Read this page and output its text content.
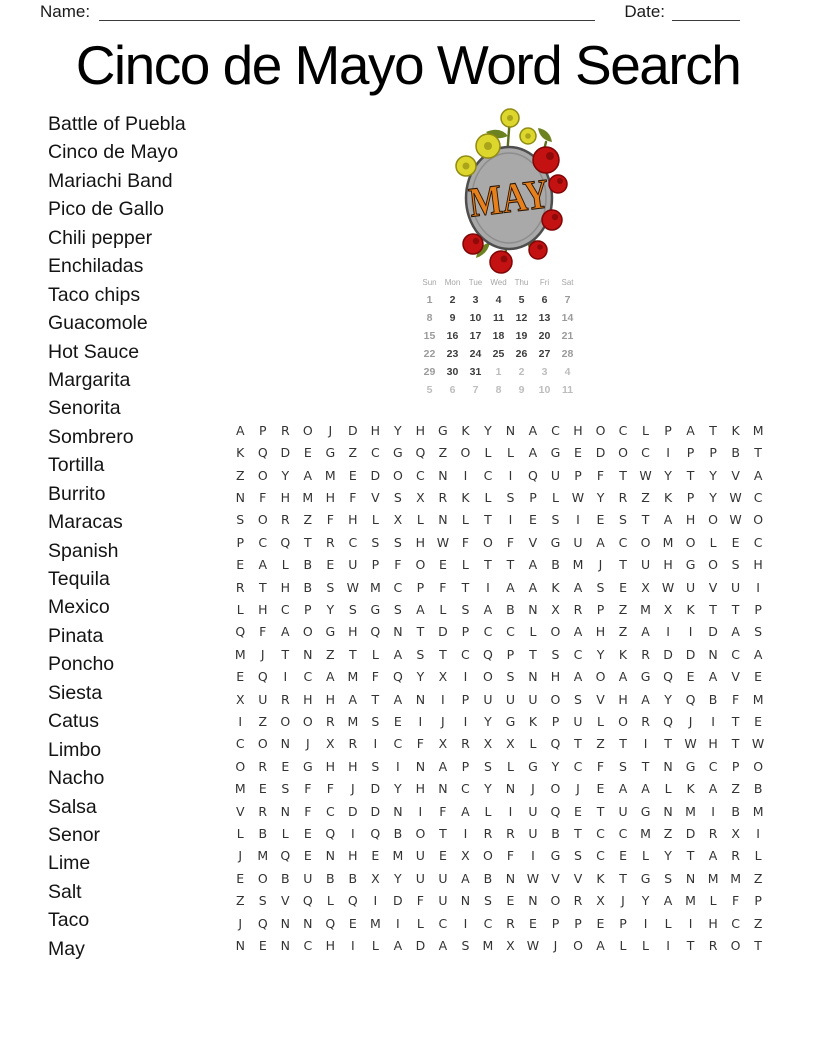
Name:	Date:
Cinco de Mayo Word Search
Battle of Puebla
Cinco de Mayo
Mariachi Band
Pico de Gallo
Chili pepper
Enchiladas
Taco chips
Guacomole
Hot Sauce
Margarita
Senorita
Sombrero
Tortilla
Burrito
Maracas
Spanish
Tequila
Mexico
Pinata
Poncho
Siesta
Catus
Limbo
Nacho
Salsa
Senor
Lime
Salt
Taco
May
MAY
Sun	Mon	Tue	Wed Thu	Fri	Sat
1	2	3	4	5	6	7
8	9	10	11	12	13	14
15	16	17	18	19	20	21
22	23	24	25	26	27	28
29	30	31	1	2	3	4
5	6	7	8	9	10	11
A	P	R	O	J	D	H	Y	H	G	K	Y	N	A	C	H	O	C	L	P	A	T	K	M
K	Q	D	E	G	Z	C	G	Q	Z	O	L	L	A	G	E	D	O	C	I	P	P	B	T
Z	O	Y	A	M	E	D	O	C	N	I	C	I	Q	U	P	F	T	W	Y	T	Y	V	A
N	F	H M H	F	V	S	X	R	K	L	S	P	L	W	Y	R	Z	K	P	Y	W C
S	O	R	Z	F	H	L	X	L	N	L	T	I	E	S	I	E	S	T	A	H	O W O
P	C	Q	T	R	C	S	S	H W	F	O	F	V	G	U	A	C	O M O	L	E	C
E	A	L	B	E	U	P	F	O	E	L	T	T	A	B	M	J	T	U	H	G	O	S	H
R	T	H	B	S W M	C	P	F	T	I	A	A	K	A	S	E	X W U	V	U	I
L	H	C	P	Y	S	G	S	A	L	S	A	B	N	X	R	P	Z	M	X	K	T	T	P
Q	F	A	O	G	H	Q	N	T	D	P	C	C	L	O	A	H	Z	A	I	I	D	A	S
M	J	T	N	Z	T	L	A	S	T	C	Q	P	T	S	C	Y	K	R	D	D	N	C	A
E	Q	I	C	A	M	F	Q	Y	X	I	O	S	N	H	A	O	A	G	Q	E	A	V	E
X	U	R	H	H	A	T	A	N	I	P	U	U	U	O	S	V	H	A	Y	Q	B	F	M
I	Z	O	O	R	M	S	E	I	J	I	Y	G	K	P	U	L	O	R	Q	J	I	T	E
C	O	N	J	X	R	I	C	F	X	R	X	X	L	Q	T	Z	T	I	T	W H	T	W
O	R	E	G	H	H	S	I	N	A	P	S	L	G	Y	C	F	S	T	N	G	C	P	O
M	E	S	F	F	J	D	Y	H	N	C	Y	N	J	O	J	E	A	A	L	K	A	Z	B
V	R	N	F	C	D	D	N	I	F	A	L	I	U	Q	E	T	U	G	N M	I	B	M
L	B	L	E	Q	I	Q	B	O	T	I	R	R	U	B	T	C	C	M	Z	D	R	X	I
J	M Q	E	N	H	E	M	U	E	X	O	F	I	G	S	C	E	L	Y	T	A	R	L
E	O	B	U	B	B	X	Y	U	U	A	B	N W V	V	K	T	G	S	N M M	Z
Z	S	V	Q	L	Q	I	D	F	U	N	S	E	N	O	R	X	J	Y	A	M	L	F	P
J	Q	N	N	Q	E	M	I	L	C	I	C	R	E	P	P	E	P	I	L	I	H	C	Z
N	E	N	C	H	I	L	A	D	A	S	M	X W	J	O	A	L	L	I	T	R	O	T
